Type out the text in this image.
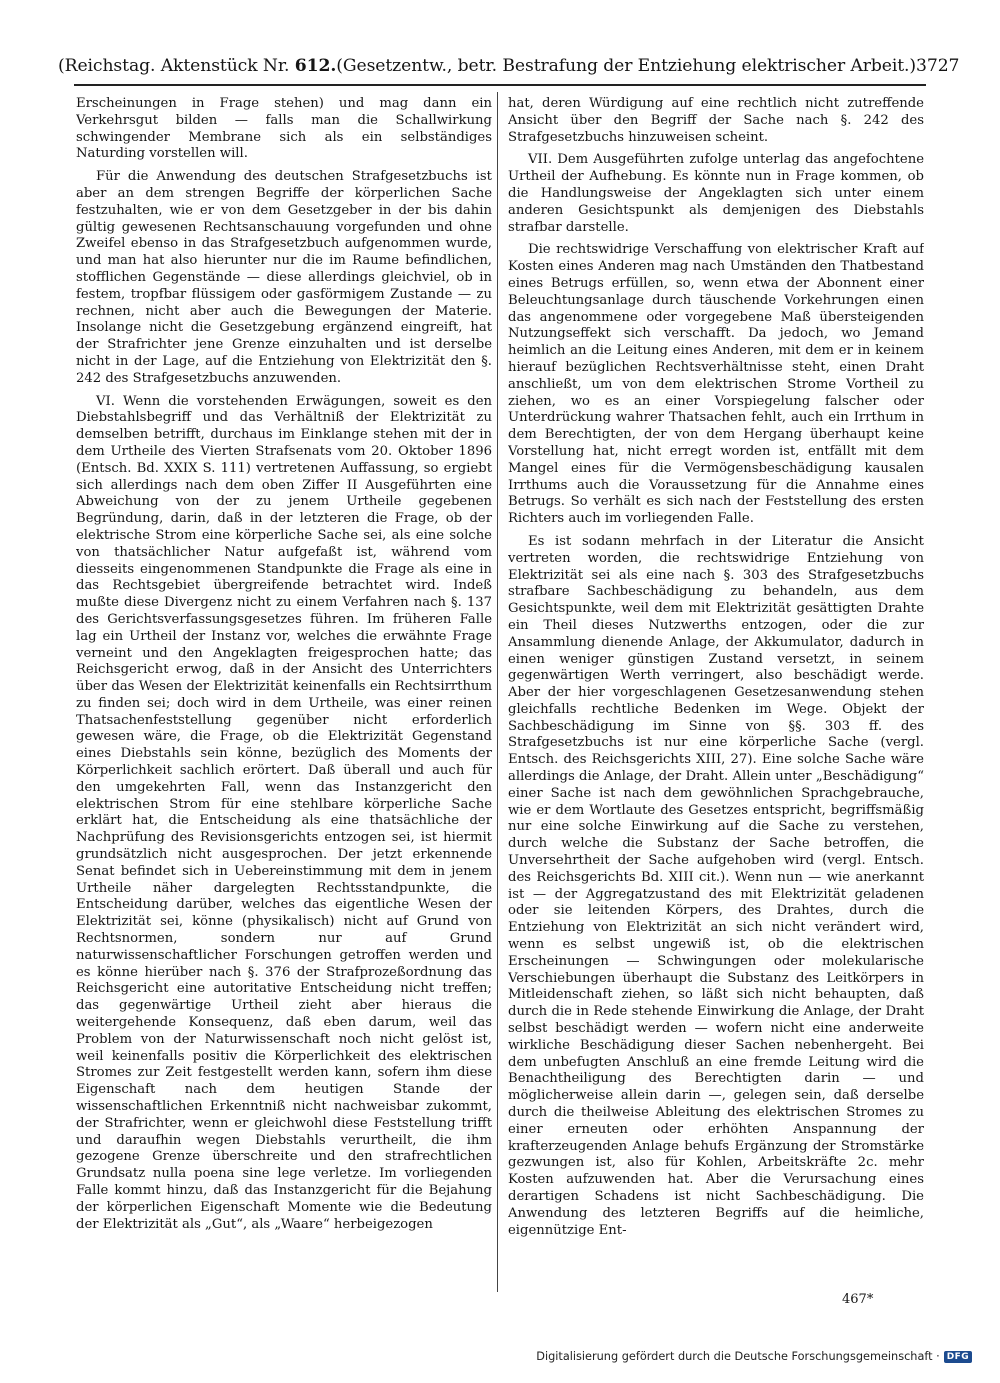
(Reichstag. Aktenstück Nr. 612. (Gesetzentw., betr. Bestrafung der Entziehung elektrischer Arbeit.) 3727

Erscheinungen in Frage stehen) und mag dann ein Verkehrsgut bilden — falls man die Schallwirkung schwingender Membrane sich als ein selbständiges Naturding vorstellen will.

Für die Anwendung des deutschen Strafgesetzbuchs ist aber an dem strengen Begriffe der körperlichen Sache festzuhalten, wie er von dem Gesetzgeber in der bis dahin gültig gewesenen Rechtsanschauung vorgefunden und ohne Zweifel ebenso in das Strafgesetzbuch aufgenommen wurde, und man hat also hierunter nur die im Raume befindlichen, stofflichen Gegenstände — diese allerdings gleichviel, ob in festem, tropfbar flüssigem oder gasförmigem Zustande — zu rechnen, nicht aber auch die Bewegungen der Materie. Insolange nicht die Gesetzgebung ergänzend eingreift, hat der Strafrichter jene Grenze einzuhalten und ist derselbe nicht in der Lage, auf die Entziehung von Elektrizität den §. 242 des Strafgesetzbuchs anzuwenden.

VI. Wenn die vorstehenden Erwägungen, soweit es den Diebstahlsbegriff und das Verhältniß der Elektrizität zu demselben betrifft, durchaus im Einklange stehen mit der in dem Urtheile des Vierten Strafsenats vom 20. Oktober 1896 (Entsch. Bd. XXIX S. 111) vertretenen Auffassung, so ergiebt sich allerdings nach dem oben Ziffer II Ausgeführten eine Abweichung von der zu jenem Urtheile gegebenen Begründung, darin, daß in der letzteren die Frage, ob der elektrische Strom eine körperliche Sache sei, als eine solche von thatsächlicher Natur aufgefaßt ist, während vom diesseits eingenommenen Standpunkte die Frage als eine in das Rechtsgebiet übergreifende betrachtet wird. Indeß mußte diese Divergenz nicht zu einem Verfahren nach §. 137 des Gerichtsverfassungsgesetzes führen. Im früheren Falle lag ein Urtheil der Instanz vor, welches die erwähnte Frage verneint und den Angeklagten freigesprochen hatte; das Reichsgericht erwog, daß in der Ansicht des Unterrichters über das Wesen der Elektrizität keinenfalls ein Rechtsirrthum zu finden sei; doch wird in dem Urtheile, was einer reinen Thatsachenfeststellung gegenüber nicht erforderlich gewesen wäre, die Frage, ob die Elektrizität Gegenstand eines Diebstahls sein könne, bezüglich des Moments der Körperlichkeit sachlich erörtert. Daß überall und auch für den umgekehrten Fall, wenn das Instanzgericht den elektrischen Strom für eine stehlbare körperliche Sache erklärt hat, die Entscheidung als eine thatsächliche der Nachprüfung des Revisionsgerichts entzogen sei, ist hiermit grundsätzlich nicht ausgesprochen. Der jetzt erkennende Senat befindet sich in Uebereinstimmung mit dem in jenem Urtheile näher dargelegten Rechtsstandpunkte, die Entscheidung darüber, welches das eigentliche Wesen der Elektrizität sei, könne (physikalisch) nicht auf Grund von Rechtsnormen, sondern nur auf Grund naturwissenschaftlicher Forschungen getroffen werden und es könne hierüber nach §. 376 der Strafprozeßordnung das Reichsgericht eine autoritative Entscheidung nicht treffen; das gegenwärtige Urtheil zieht aber hieraus die weitergehende Konsequenz, daß eben darum, weil das Problem von der Naturwissenschaft noch nicht gelöst ist, weil keinenfalls positiv die Körperlichkeit des elektrischen Stromes zur Zeit festgestellt werden kann, sofern ihm diese Eigenschaft nach dem heutigen Stande der wissenschaftlichen Erkenntniß nicht nachweisbar zukommt, der Strafrichter, wenn er gleichwohl diese Feststellung trifft und daraufhin wegen Diebstahls verurtheilt, die ihm gezogene Grenze überschreite und den strafrechtlichen Grundsatz nulla poena sine lege verletze. Im vorliegenden Falle kommt hinzu, daß das Instanzgericht für die Bejahung der körperlichen Eigenschaft Momente wie die Bedeutung der Elektrizität als „Gut“, als „Waare“ herbeigezogen

hat, deren Würdigung auf eine rechtlich nicht zutreffende Ansicht über den Begriff der Sache nach §. 242 des Strafgesetzbuchs hinzuweisen scheint.

VII. Dem Ausgeführten zufolge unterlag das angefochtene Urtheil der Aufhebung. Es könnte nun in Frage kommen, ob die Handlungsweise der Angeklagten sich unter einem anderen Gesichtspunkt als demjenigen des Diebstahls strafbar darstelle.

Die rechtswidrige Verschaffung von elektrischer Kraft auf Kosten eines Anderen mag nach Umständen den Thatbestand eines Betrugs erfüllen, so, wenn etwa der Abonnent einer Beleuchtungsanlage durch täuschende Vorkehrungen einen das angenommene oder vorgegebene Maß übersteigenden Nutzungseffekt sich verschafft. Da jedoch, wo Jemand heimlich an die Leitung eines Anderen, mit dem er in keinem hierauf bezüglichen Rechtsverhältnisse steht, einen Draht anschließt, um von dem elektrischen Strome Vortheil zu ziehen, wo es an einer Vorspiegelung falscher oder Unterdrückung wahrer Thatsachen fehlt, auch ein Irrthum in dem Berechtigten, der von dem Hergang überhaupt keine Vorstellung hat, nicht erregt worden ist, entfällt mit dem Mangel eines für die Vermögensbeschädigung kausalen Irrthums auch die Voraussetzung für die Annahme eines Betrugs. So verhält es sich nach der Feststellung des ersten Richters auch im vorliegenden Falle.

Es ist sodann mehrfach in der Literatur die Ansicht vertreten worden, die rechtswidrige Entziehung von Elektrizität sei als eine nach §. 303 des Strafgesetzbuchs strafbare Sachbeschädigung zu behandeln, aus dem Gesichtspunkte, weil dem mit Elektrizität gesättigten Drahte ein Theil dieses Nutzwerths entzogen, oder die zur Ansammlung dienende Anlage, der Akkumulator, dadurch in einen weniger günstigen Zustand versetzt, in seinem gegenwärtigen Werth verringert, also beschädigt werde. Aber der hier vorgeschlagenen Gesetzesanwendung stehen gleichfalls rechtliche Bedenken im Wege. Objekt der Sachbeschädigung im Sinne von §§. 303 ff. des Strafgesetzbuchs ist nur eine körperliche Sache (vergl. Entsch. des Reichsgerichts XIII, 27). Eine solche Sache wäre allerdings die Anlage, der Draht. Allein unter „Beschädigung“ einer Sache ist nach dem gewöhnlichen Sprachgebrauche, wie er dem Wortlaute des Gesetzes entspricht, begriffsmäßig nur eine solche Einwirkung auf die Sache zu verstehen, durch welche die Substanz der Sache betroffen, die Unversehrtheit der Sache aufgehoben wird (vergl. Entsch. des Reichsgerichts Bd. XIII cit.). Wenn nun — wie anerkannt ist — der Aggregatzustand des mit Elektrizität geladenen oder sie leitenden Körpers, des Drahtes, durch die Entziehung von Elektrizität an sich nicht verändert wird, wenn es selbst ungewiß ist, ob die elektrischen Erscheinungen — Schwingungen oder molekularische Verschiebungen überhaupt die Substanz des Leitkörpers in Mitleidenschaft ziehen, so läßt sich nicht behaupten, daß durch die in Rede stehende Einwirkung die Anlage, der Draht selbst beschädigt werden — wofern nicht eine anderweite wirkliche Beschädigung dieser Sachen nebenhergeht. Bei dem unbefugten Anschluß an eine fremde Leitung wird die Benachtheiligung des Berechtigten darin — und möglicherweise allein darin —, gelegen sein, daß derselbe durch die theilweise Ableitung des elektrischen Stromes zu einer erneuten oder erhöhten Anspannung der krafterzeugenden Anlage behufs Ergänzung der Stromstärke gezwungen ist, also für Kohlen, Arbeitskräfte 2c. mehr Kosten aufzuwenden hat. Aber die Verursachung eines derartigen Schadens ist nicht Sachbeschädigung. Die Anwendung des letzteren Begriffs auf die heimliche, eigennützige Ent-

467*
Digitalisierung gefördert durch die Deutsche Forschungsgemeinschaft · DFG
